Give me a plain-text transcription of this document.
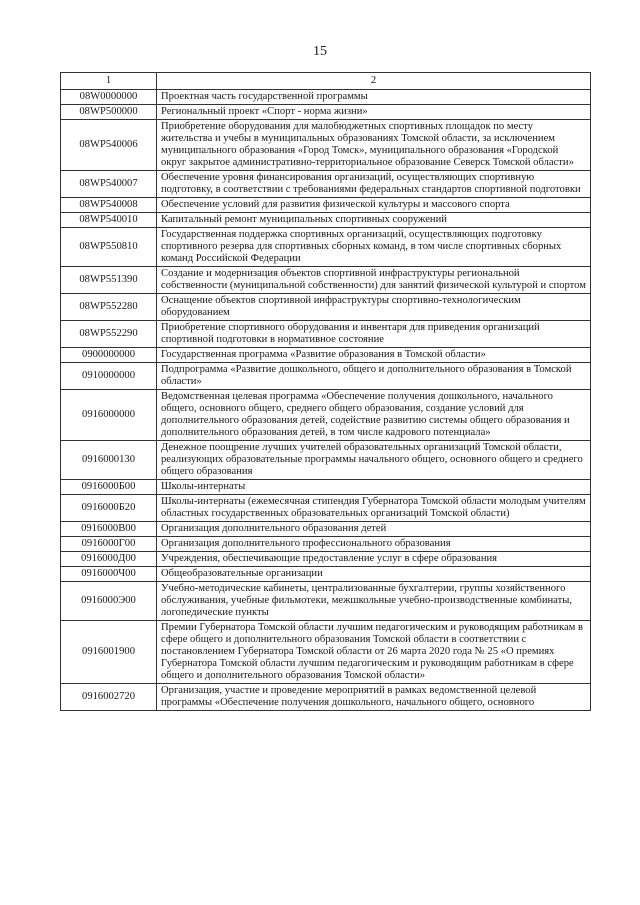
15
1	2
08W0000000	Проектная часть государственной программы
08WP500000	Региональный проект «Спорт - норма жизни»
08WP540006	Приобретение оборудования для малобюджетных спортивных площадок по месту жительства и учебы в муниципальных образованиях Томской области, за исключением муниципального образования «Город Томск», муниципального образования «Городской округ закрытое административно-территориальное образование Северск Томской области»
08WP540007	Обеспечение уровня финансирования организаций, осуществляющих спортивную подготовку, в соответствии с требованиями федеральных стандартов спортивной подготовки
08WP540008	Обеспечение условий для развития физической культуры и массового спорта
08WP540010	Капитальный ремонт муниципальных спортивных сооружений
08WP550810	Государственная поддержка спортивных организаций, осуществляющих подготовку спортивного резерва для спортивных сборных команд, в том числе спортивных сборных команд Российской Федерации
08WP551390	Создание и модернизация объектов спортивной инфраструктуры региональной собственности (муниципальной собственности) для занятий физической культурой и спортом
08WP552280	Оснащение объектов спортивной инфраструктуры спортивно-технологическим оборудованием
08WP552290	Приобретение спортивного оборудования и инвентаря для приведения организаций спортивной подготовки в нормативное состояние
0900000000	Государственная программа «Развитие образования в Томской области»
0910000000	Подпрограмма «Развитие дошкольного, общего и дополнительного образования в Томской области»
0916000000	Ведомственная целевая программа «Обеспечение получения дошкольного, начального общего, основного общего, среднего общего образования, создание условий для дополнительного образования детей, содействие развитию системы общего образования и дополнительного образования детей, в том числе кадрового потенциала»
0916000130	Денежное поощрение лучших учителей образовательных организаций Томской области, реализующих образовательные программы начального общего, основного общего и среднего общего образования
0916000Б00	Школы-интернаты
0916000Б20	Школы-интернаты (ежемесячная стипендия Губернатора Томской области молодым учителям областных государственных образовательных организаций Томской области)
0916000В00	Организация дополнительного образования детей
0916000Г00	Организация дополнительного профессионального образования
0916000Д00	Учреждения, обеспечивающие предоставление услуг в сфере образования
0916000Ч00	Общеобразовательные организации
0916000Э00	Учебно-методические кабинеты, централизованные бухгалтерии, группы хозяйственного обслуживания, учебные фильмотеки, межшкольные учебно-производственные комбинаты, логопедические пункты
0916001900	Премии Губернатора Томской области лучшим педагогическим и руководящим работникам в сфере общего и дополнительного образования Томской области в соответствии с постановлением Губернатора Томской области от 26 марта 2020 года № 25 «О премиях Губернатора Томской области лучшим педагогическим и руководящим работникам в сфере общего и дополнительного образования Томской области»
0916002720	Организация, участие и проведение мероприятий в рамках ведомственной целевой программы «Обеспечение получения дошкольного, начального общего, основного
